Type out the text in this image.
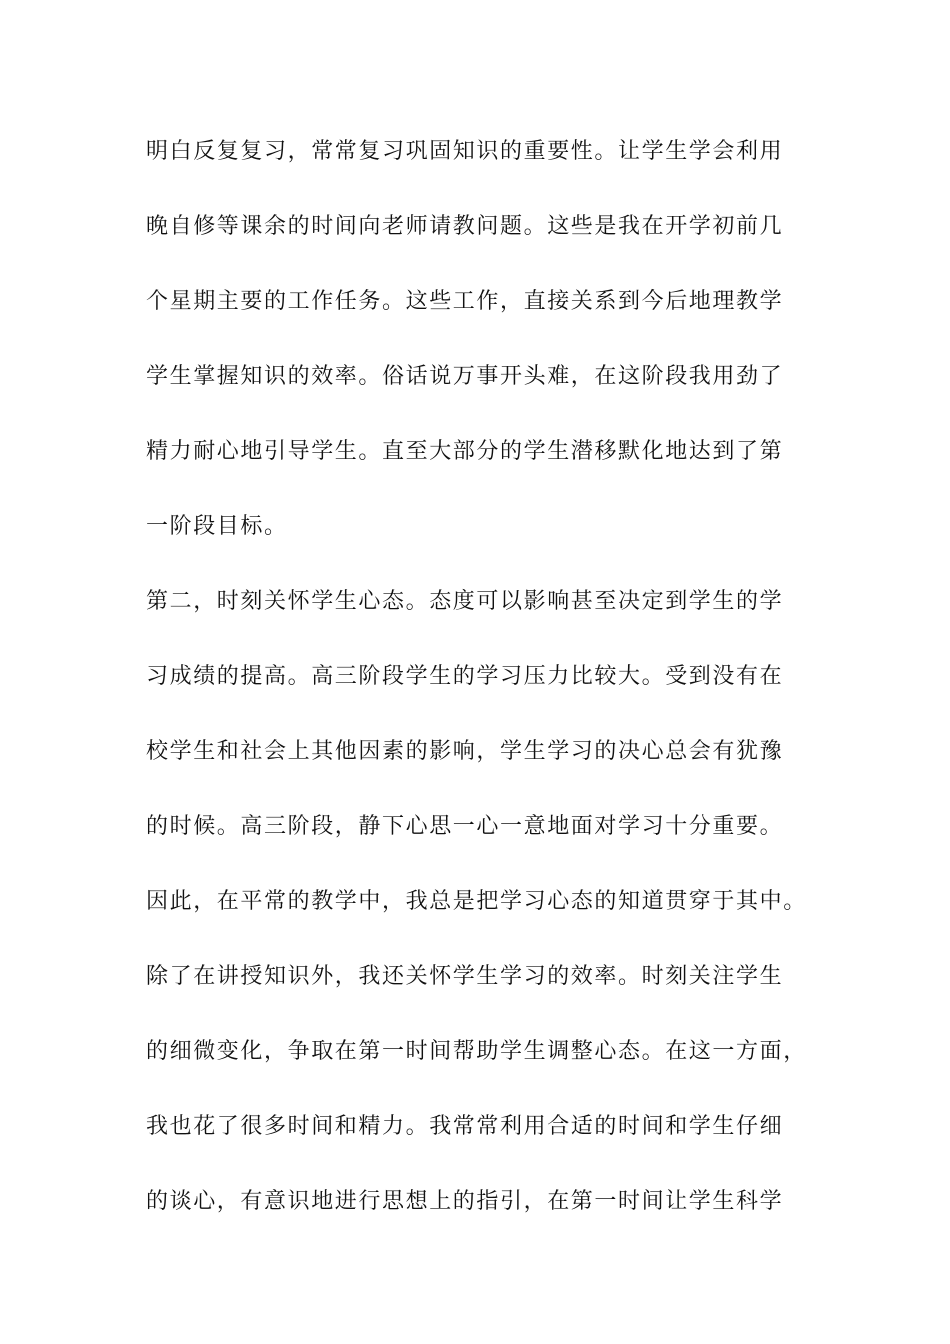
明白反复复习，常常复习巩固知识的重要性。让学生学会利用
晚自修等课余的时间向老师请教问题。这些是我在开学初前几
个星期主要的工作任务。这些工作，直接关系到今后地理教学
学生掌握知识的效率。俗话说万事开头难，在这阶段我用劲了
精力耐心地引导学生。直至大部分的学生潜移默化地达到了第
一阶段目标。
第二，时刻关怀学生心态。态度可以影响甚至决定到学生的学
习成绩的提高。高三阶段学生的学习压力比较大。受到没有在
校学生和社会上其他因素的影响，学生学习的决心总会有犹豫
的时候。高三阶段，静下心思一心一意地面对学习十分重要。
因此，在平常的教学中，我总是把学习心态的知道贯穿于其中。
除了在讲授知识外，我还关怀学生学习的效率。时刻关注学生
的细微变化，争取在第一时间帮助学生调整心态。在这一方面，
我也花了很多时间和精力。我常常利用合适的时间和学生仔细
的谈心，有意识地进行思想上的指引，在第一时间让学生科学
